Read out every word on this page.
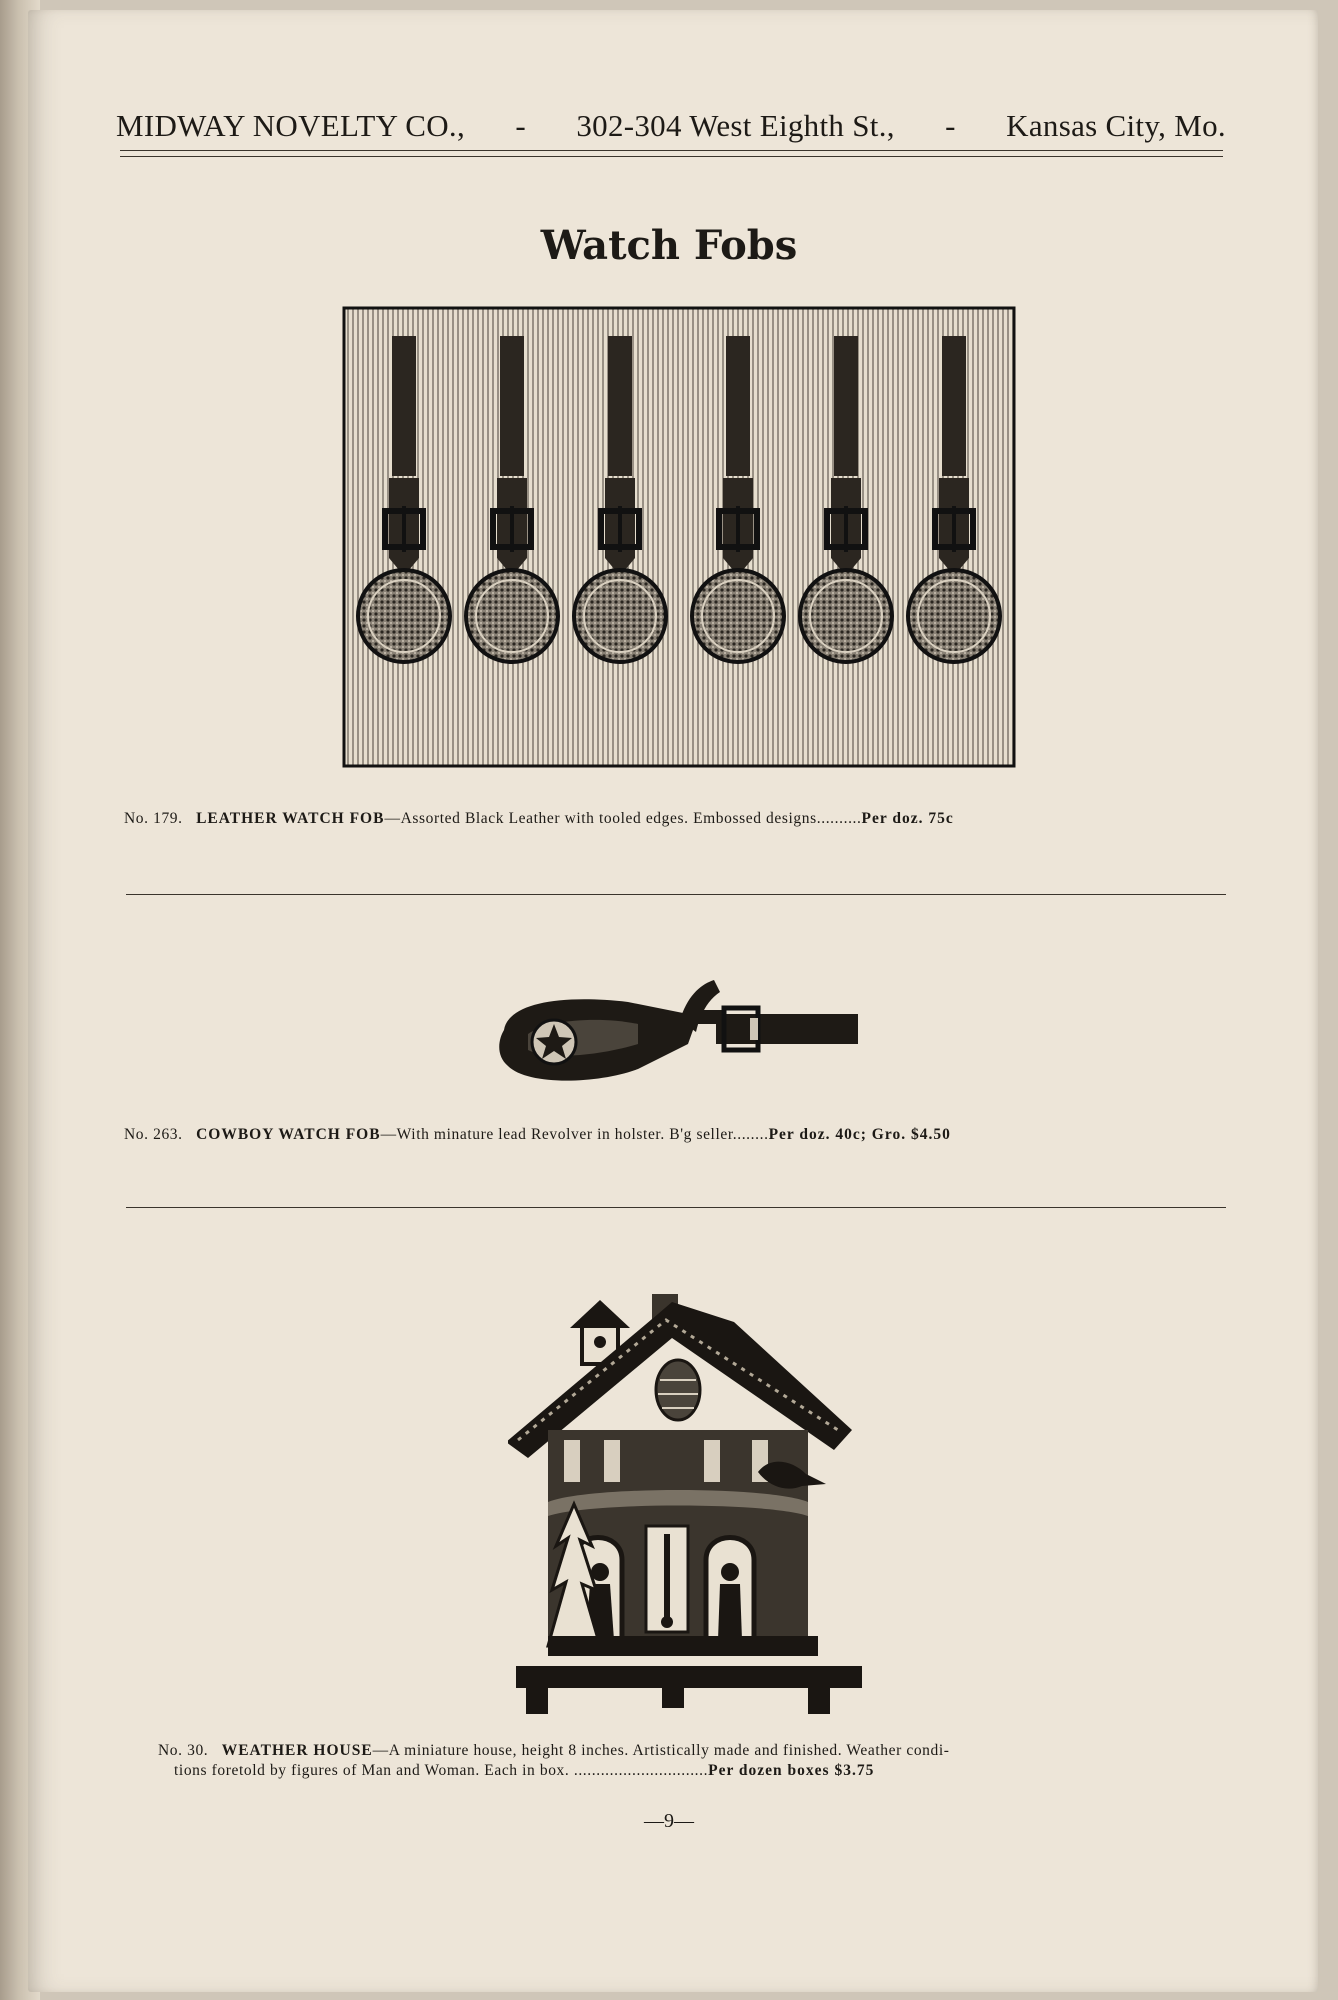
MIDWAY NOVELTY CO., - 302-304 West Eighth St., - Kansas City, Mo.
Watch Fobs
No. 179. LEATHER WATCH FOB—Assorted Black Leather with tooled edges. Embossed designs..........Per doz. 75c
No. 263. COWBOY WATCH FOB—With minature lead Revolver in holster. B'g seller........Per doz. 40c; Gro. $4.50
No. 30. WEATHER HOUSE—A miniature house, height 8 inches. Artistically made and finished. Weather condi-
tions foretold by figures of Man and Woman. Each in box. ..............................Per dozen boxes $3.75
—9—
